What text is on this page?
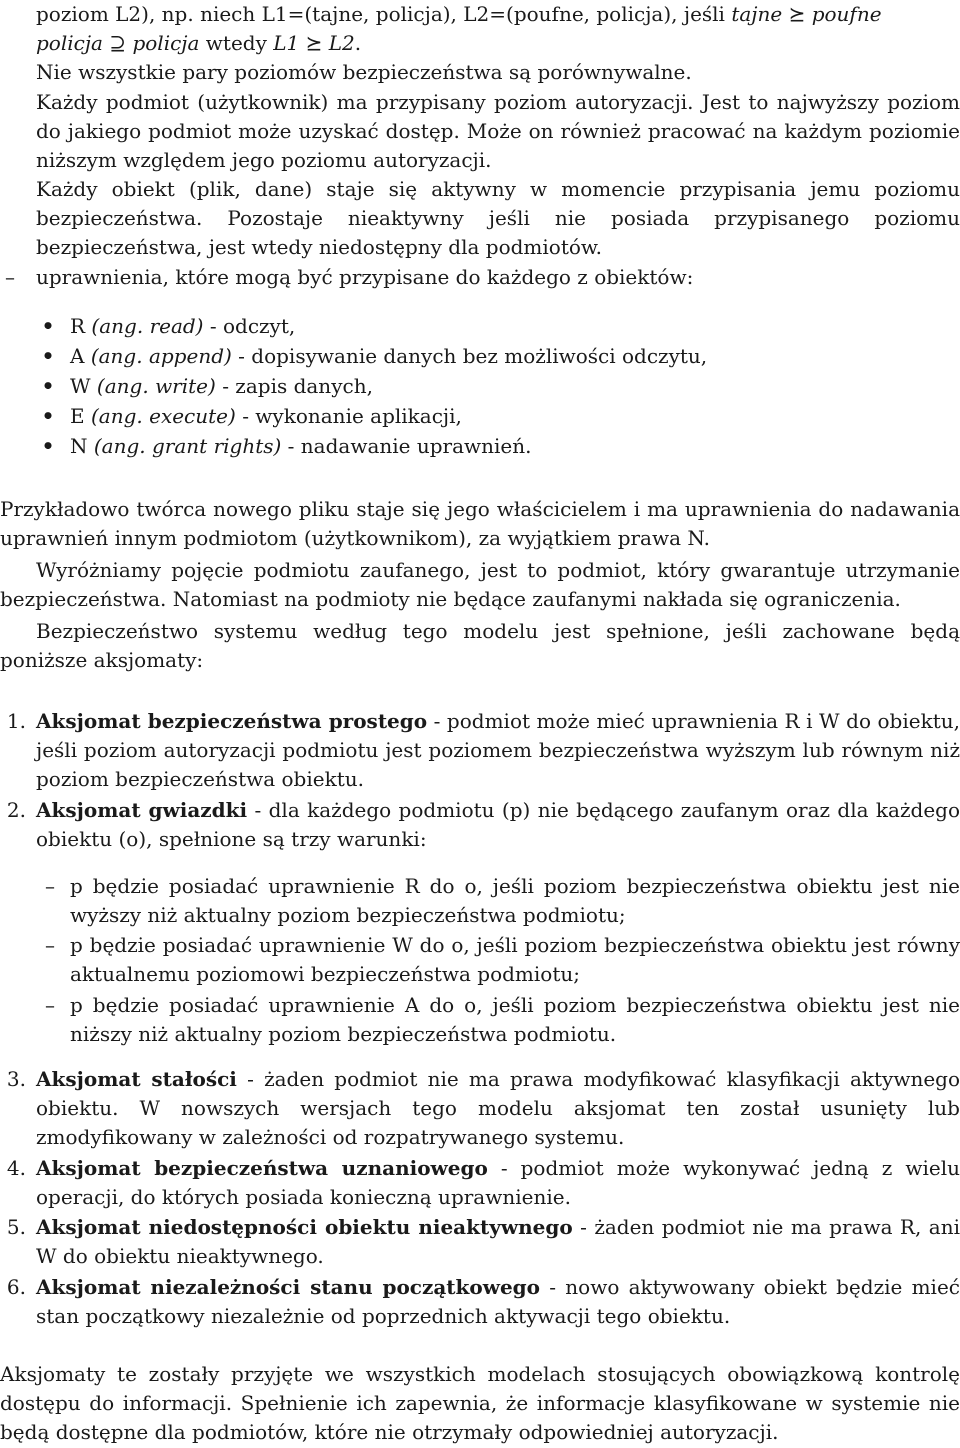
poziom L2), np. niech L1=(tajne, policja), L2=(poufne, policja), jeśli tajne ⪰ poufne
policja ⊇ policja wtedy L1 ⪰ L2.
Nie wszystkie pary poziomów bezpieczeństwa są porównywalne.
Każdy podmiot (użytkownik) ma przypisany poziom autoryzacji. Jest to najwyższy poziom do jakiego podmiot może uzyskać dostęp. Może on również pracować na każdym poziomie niższym względem jego poziomu autoryzacji.
Każdy obiekt (plik, dane) staje się aktywny w momencie przypisania jemu poziomu bezpieczeństwa. Pozostaje nieaktywny jeśli nie posiada przypisanego poziomu bezpieczeństwa, jest wtedy niedostępny dla podmiotów.
– uprawnienia, które mogą być przypisane do każdego z obiektów:
• R (ang. read) - odczyt,
• A (ang. append) - dopisywanie danych bez możliwości odczytu,
• W (ang. write) - zapis danych,
• E (ang. execute) - wykonanie aplikacji,
• N (ang. grant rights) - nadawanie uprawnień.
Przykładowo twórca nowego pliku staje się jego właścicielem i ma uprawnienia do nadawania uprawnień innym podmiotom (użytkownikom), za wyjątkiem prawa N.
Wyróżniamy pojęcie podmiotu zaufanego, jest to podmiot, który gwarantuje utrzymanie bezpieczeństwa. Natomiast na podmioty nie będące zaufanymi nakłada się ograniczenia.
Bezpieczeństwo systemu według tego modelu jest spełnione, jeśli zachowane będą poniższe aksjomaty:
1. Aksjomat bezpieczeństwa prostego - podmiot może mieć uprawnienia R i W do obiektu, jeśli poziom autoryzacji podmiotu jest poziomem bezpieczeństwa wyższym lub równym niż poziom bezpieczeństwa obiektu.
2. Aksjomat gwiazdki - dla każdego podmiotu (p) nie będącego zaufanym oraz dla każdego obiektu (o), spełnione są trzy warunki:
– p będzie posiadać uprawnienie R do o, jeśli poziom bezpieczeństwa obiektu jest nie wyższy niż aktualny poziom bezpieczeństwa podmiotu;
– p będzie posiadać uprawnienie W do o, jeśli poziom bezpieczeństwa obiektu jest równy aktualnemu poziomowi bezpieczeństwa podmiotu;
– p będzie posiadać uprawnienie A do o, jeśli poziom bezpieczeństwa obiektu jest nie niższy niż aktualny poziom bezpieczeństwa podmiotu.
3. Aksjomat stałości - żaden podmiot nie ma prawa modyfikować klasyfikacji aktywnego obiektu. W nowszych wersjach tego modelu aksjomat ten został usunięty lub zmodyfikowany w zależności od rozpatrywanego systemu.
4. Aksjomat bezpieczeństwa uznaniowego - podmiot może wykonywać jedną z wielu operacji, do których posiada konieczną uprawnienie.
5. Aksjomat niedostępności obiektu nieaktywnego - żaden podmiot nie ma prawa R, ani W do obiektu nieaktywnego.
6. Aksjomat niezależności stanu początkowego - nowo aktywowany obiekt będzie mieć stan początkowy niezależnie od poprzednich aktywacji tego obiektu.
Aksjomaty te zostały przyjęte we wszystkich modelach stosujących obowiązkową kontrolę dostępu do informacji. Spełnienie ich zapewnia, że informacje klasyfikowane w systemie nie będą dostępne dla podmiotów, które nie otrzymały odpowiedniej autoryzacji.
